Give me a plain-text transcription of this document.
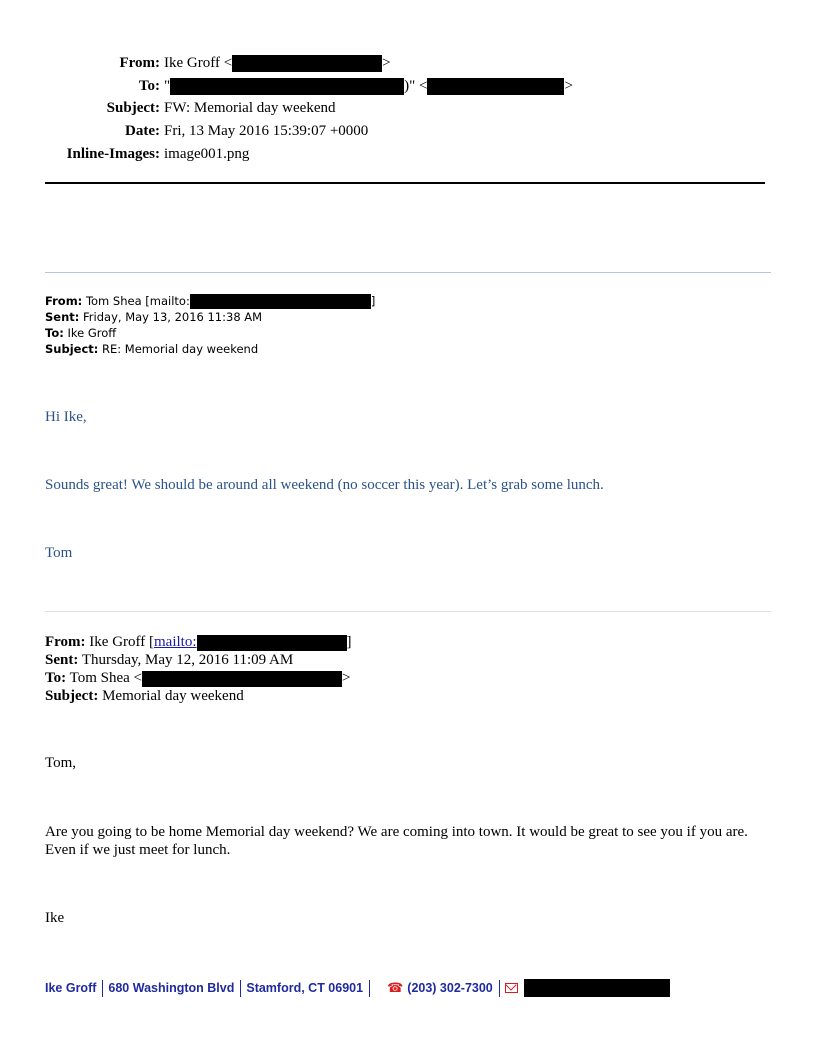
From: Ike Groff <	>
To: "	)" <	>
Subject: FW: Memorial day weekend
Date: Fri, 13 May 2016 15:39:07 +0000
Inline-Images: image001.png
From: Tom Shea [mailto:	]
Sent: Friday, May 13, 2016 11:38 AM
To: Ike Groff
Subject: RE: Memorial day weekend
Hi Ike,
Sounds great! We should be around all weekend (no soccer this year). Let’s grab some lunch.
Tom
From: Ike Groff [mailto:	]
Sent: Thursday, May 12, 2016 11:09 AM
To: Tom Shea <	>
Subject: Memorial day weekend
Tom,
Are you going to be home Memorial day weekend? We are coming into town. It would be great to see you if you are. Even if we just meet for lunch.
Ike
Ike Groff 680 Washington Blvd Stamford, CT 06901 ☎ (203) 302-7300
